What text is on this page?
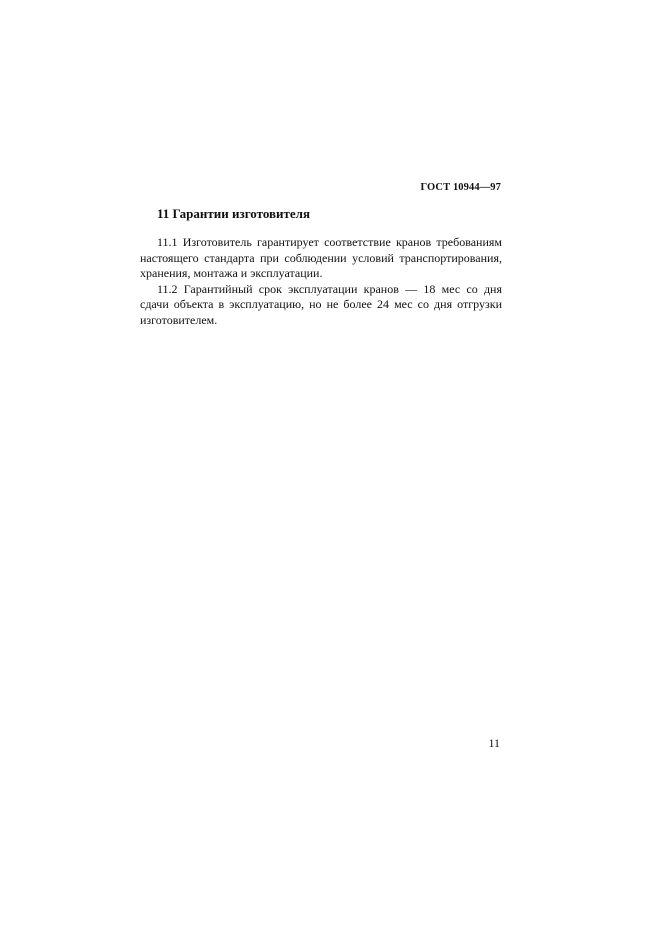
ГОСТ 10944—97
11 Гарантии изготовителя

11.1 Изготовитель гарантирует соответствие кранов требованиям настоящего стандарта при соблюдении условий транспортирования, хранения, монтажа и эксплуатации.

11.2 Гарантийный срок эксплуатации кранов — 18 мес со дня сдачи объекта в эксплуатацию, но не более 24 мес со дня отгрузки изготовителем.

11
